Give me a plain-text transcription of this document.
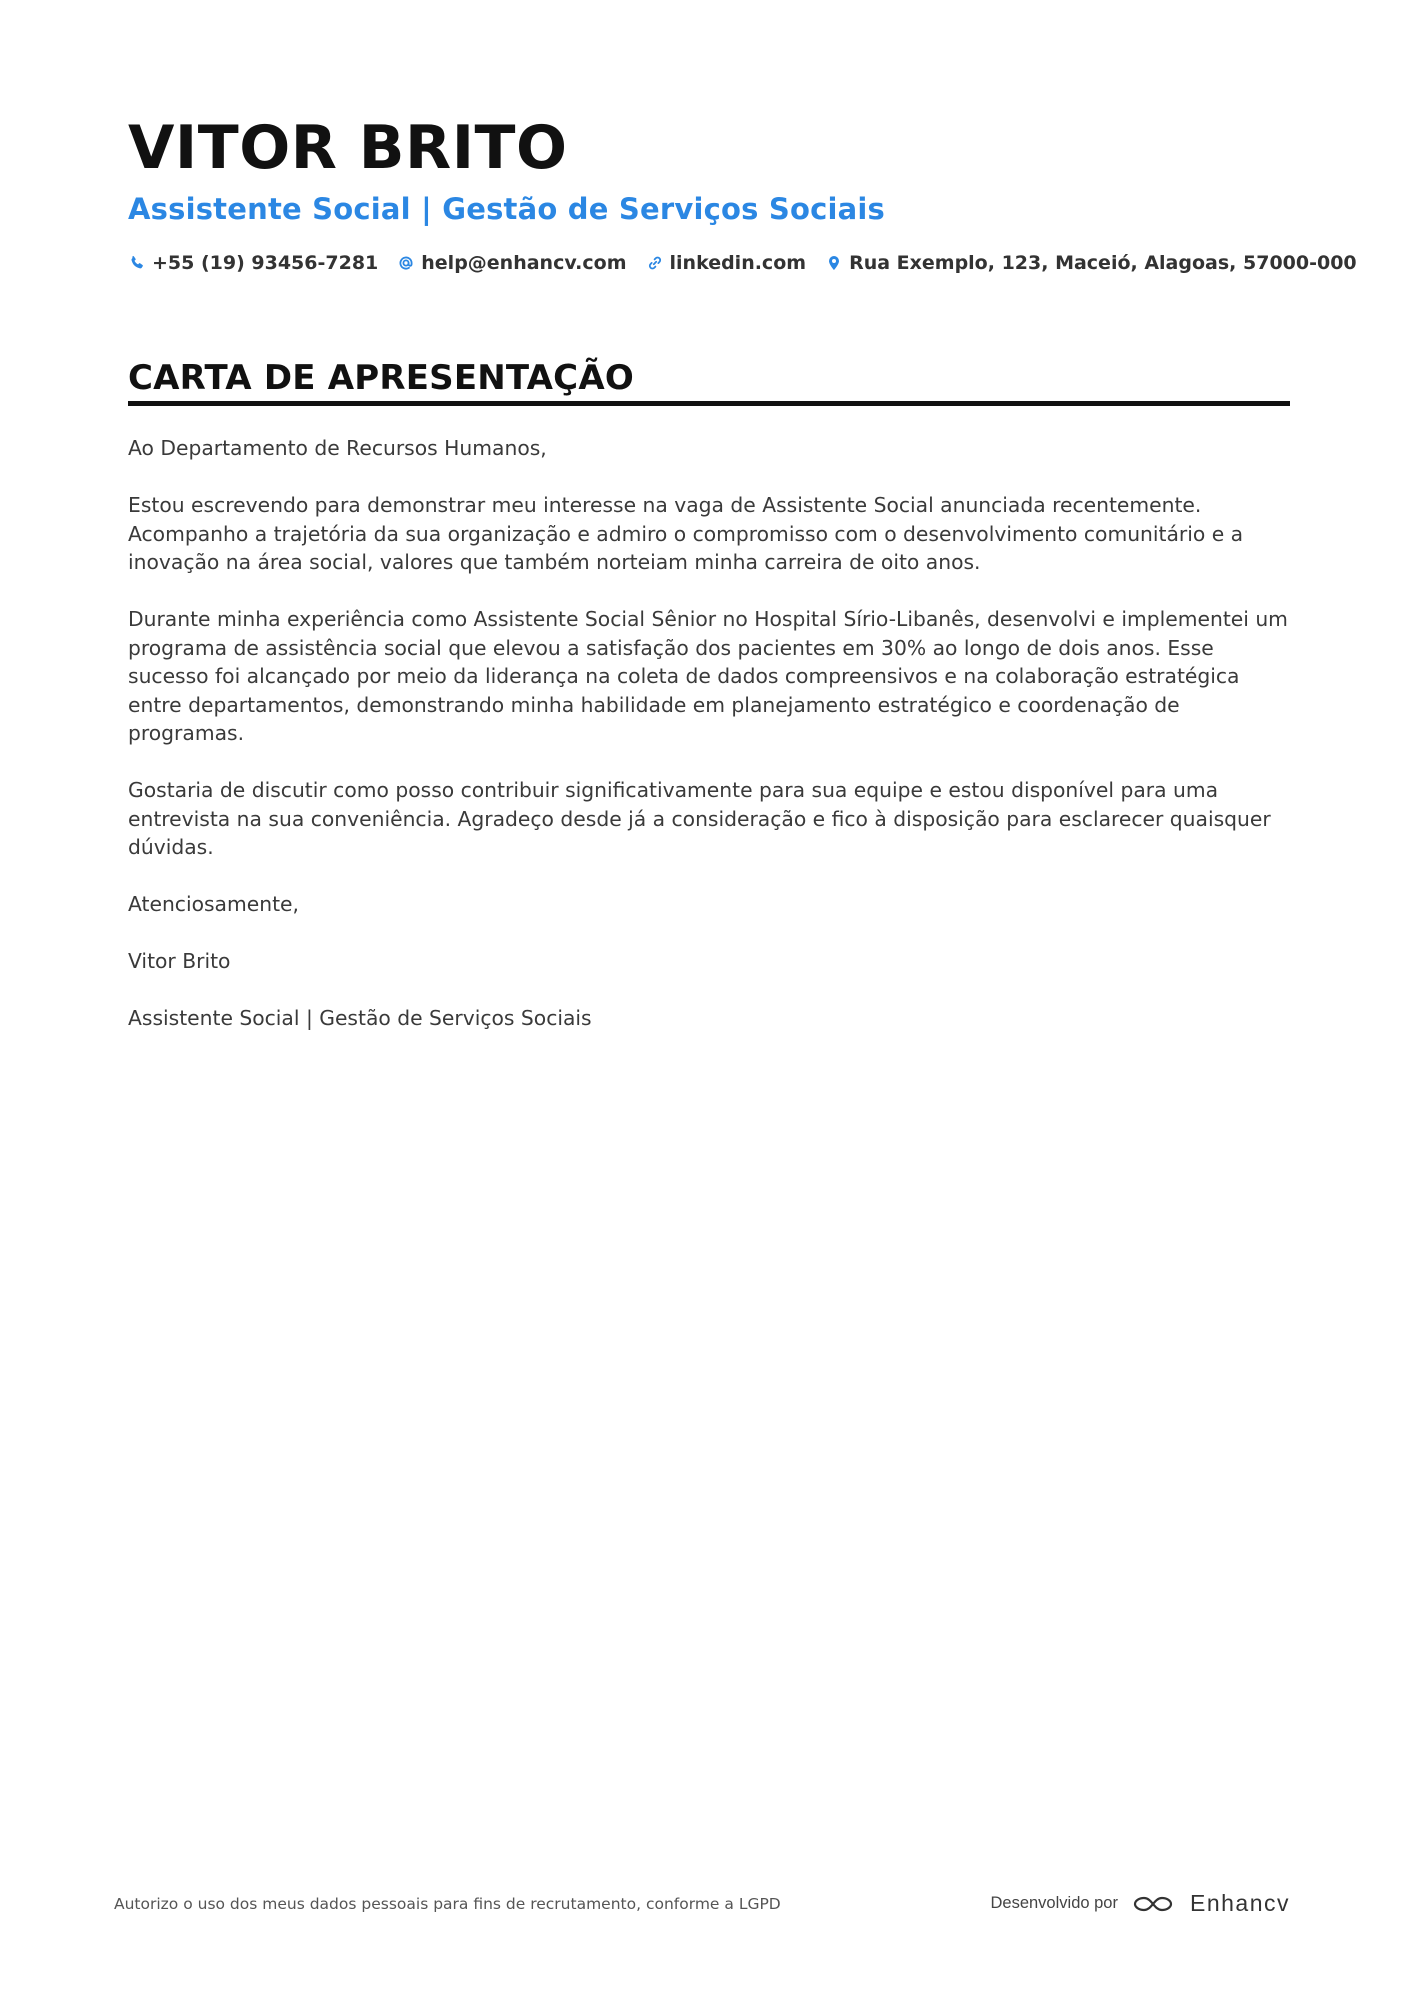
VITOR BRITO
Assistente Social | Gestão de Serviços Sociais
+55 (19) 93456-7281 help@enhancv.com linkedin.com Rua Exemplo, 123, Maceió, Alagoas, 57000-000
CARTA DE APRESENTAÇÃO

Ao Departamento de Recursos Humanos,

Estou escrevendo para demonstrar meu interesse na vaga de Assistente Social anunciada recentemente. Acompanho a trajetória da sua organização e admiro o compromisso com o desenvolvimento comunitário e a inovação na área social, valores que também norteiam minha carreira de oito anos.

Durante minha experiência como Assistente Social Sênior no Hospital Sírio-Libanês, desenvolvi e implementei um programa de assistência social que elevou a satisfação dos pacientes em 30% ao longo de dois anos. Esse sucesso foi alcançado por meio da liderança na coleta de dados compreensivos e na colaboração estratégica entre departamentos, demonstrando minha habilidade em planejamento estratégico e coordenação de programas.

Gostaria de discutir como posso contribuir significativamente para sua equipe e estou disponível para uma entrevista na sua conveniência. Agradeço desde já a consideração e fico à disposição para esclarecer quaisquer dúvidas.

Atenciosamente,

Vitor Brito

Assistente Social | Gestão de Serviços Sociais

Autorizo o uso dos meus dados pessoais para fins de recrutamento, conforme a LGPD	Desenvolvido por	Enhancv
